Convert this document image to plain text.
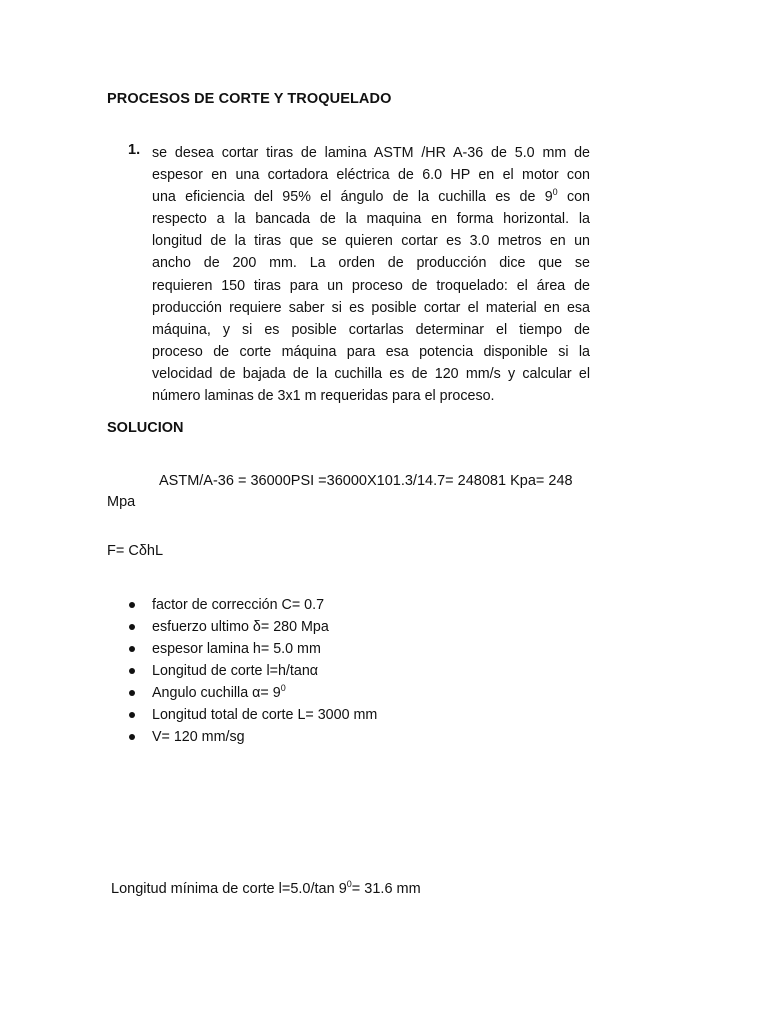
PROCESOS DE CORTE Y TROQUELADO
1. se desea cortar tiras de lamina ASTM /HR A-36 de 5.0 mm de
espesor en una cortadora eléctrica de 6.0 HP en el motor con
una eficiencia del 95% el ángulo de la cuchilla es de $9^0$ con
respecto a la bancada de la maquina en forma horizontal. la
longitud de la tiras que se quieren cortar es 3.0 metros en un
ancho de 200 mm. La orden de producción dice que se
requieren 150 tiras para un proceso de troquelado: el área de
producción requiere saber si es posible cortar el material en esa
máquina, y si es posible cortarlas determinar el tiempo de
proceso de corte máquina para esa potencia disponible si la
velocidad de bajada de la cuchilla es de 120 mm/s y calcular el
número laminas de 3x1 m requeridas para el proceso.
SOLUCION
ASTM/A-36 = 36000PSI =36000X101.3/14.7= 248081 Kpa= 248
Mpa
F= CδhL
factor de corrección C= 0.7
esfuerzo ultimo δ= 280 Mpa
espesor lamina h= 5.0 mm
Longitud de corte l=h/tanα
Angulo cuchilla $\alpha= 9^0$
Longitud total de corte L= 3000 mm
V= 120 mm/sg
Longitud mínima de corte l=5.0/tan $9^0= 31.6$ mm
